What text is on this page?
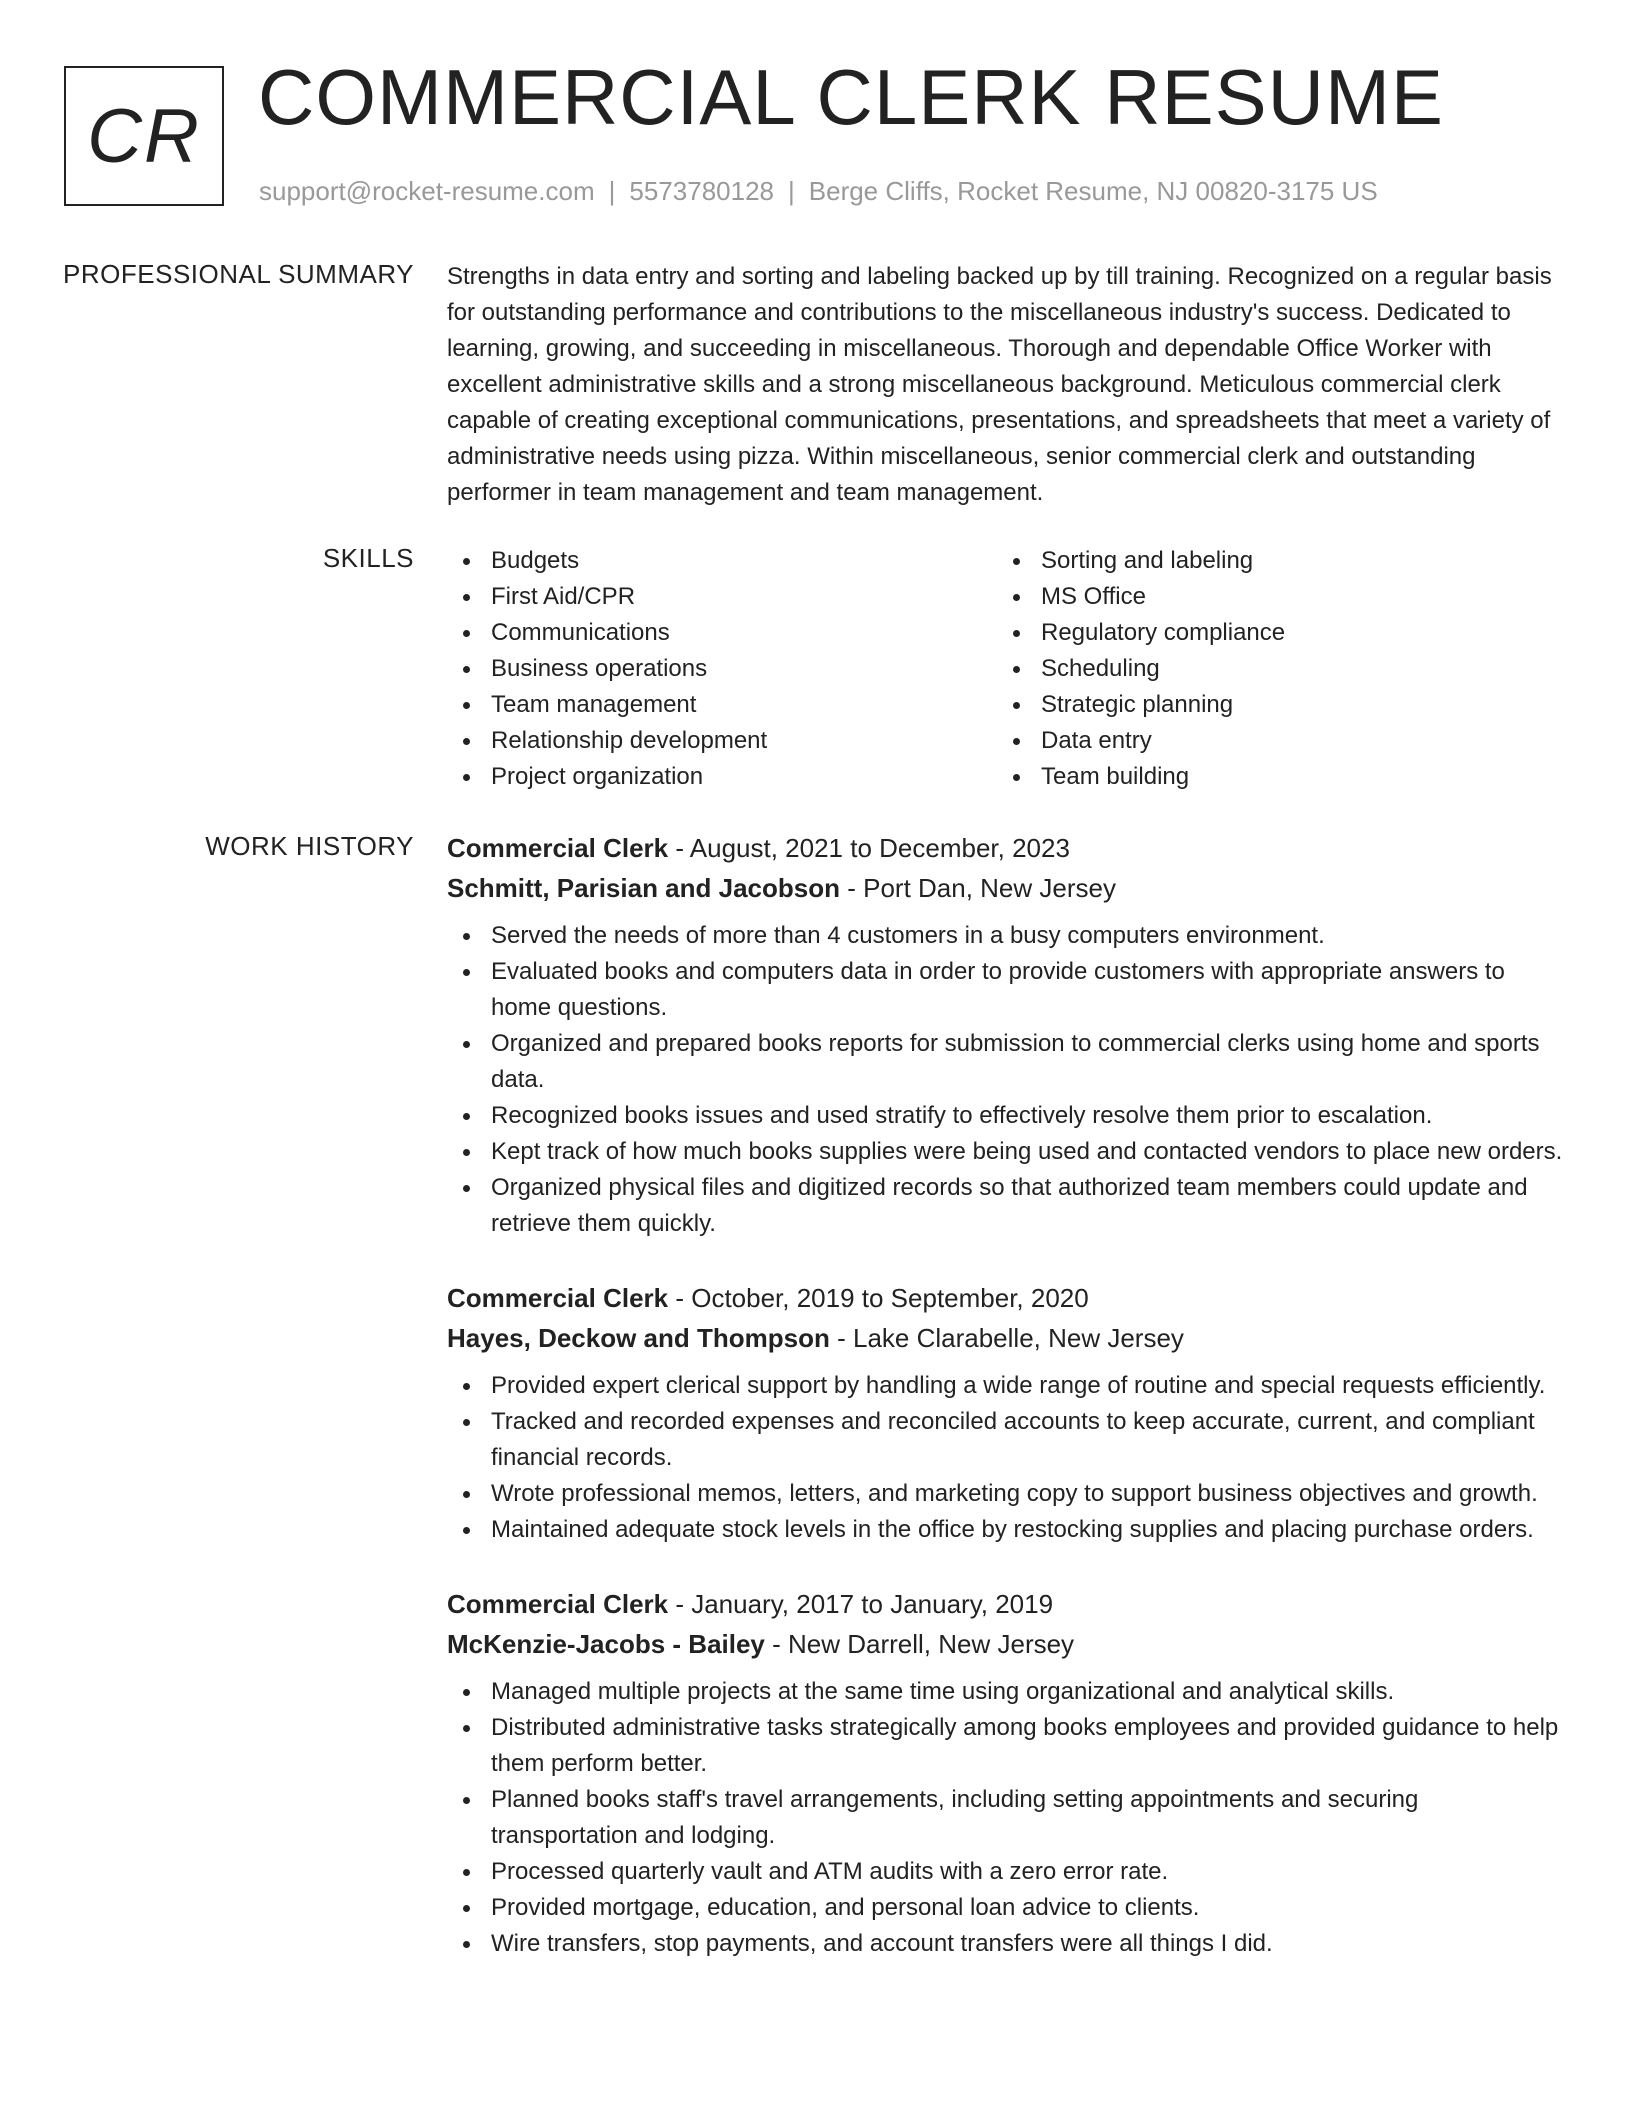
CR COMMERCIAL CLERK RESUME
support@rocket-resume.com | 5573780128 | Berge Cliffs, Rocket Resume, NJ 00820-3175 US
PROFESSIONAL SUMMARY Strengths in data entry and sorting and labeling backed up by till training. Recognized on a regular basis for outstanding performance and contributions to the miscellaneous industry's success. Dedicated to learning, growing, and succeeding in miscellaneous. Thorough and dependable Office Worker with excellent administrative skills and a strong miscellaneous background. Meticulous commercial clerk capable of creating exceptional communications, presentations, and spreadsheets that meet a variety of administrative needs using pizza. Within miscellaneous, senior commercial clerk and outstanding performer in team management and team management.

SKILLS	Budgets
First Aid/CPR
Communications
Business operations
Team management
Relationship development
Project organization
Sorting and labeling
MS Office
Regulatory compliance
Scheduling
Strategic planning
Data entry
Team building
WORK HISTORY Commercial Clerk - August, 2021 to December, 2023
Schmitt, Parisian and Jacobson - Port Dan, New Jersey
Served the needs of more than 4 customers in a busy computers environment.
Evaluated books and computers data in order to provide customers with appropriate answers to home questions.
Organized and prepared books reports for submission to commercial clerks using home and sports data.
Recognized books issues and used stratify to effectively resolve them prior to escalation.
Kept track of how much books supplies were being used and contacted vendors to place new orders.
Organized physical files and digitized records so that authorized team members could update and retrieve them quickly.
Commercial Clerk - October, 2019 to September, 2020
Hayes, Deckow and Thompson - Lake Clarabelle, New Jersey
Provided expert clerical support by handling a wide range of routine and special requests efficiently.
Tracked and recorded expenses and reconciled accounts to keep accurate, current, and compliant financial records.
Wrote professional memos, letters, and marketing copy to support business objectives and growth.
Maintained adequate stock levels in the office by restocking supplies and placing purchase orders.
Commercial Clerk - January, 2017 to January, 2019
McKenzie-Jacobs - Bailey - New Darrell, New Jersey
Managed multiple projects at the same time using organizational and analytical skills.
Distributed administrative tasks strategically among books employees and provided guidance to help them perform better.
Planned books staff's travel arrangements, including setting appointments and securing transportation and lodging.
Processed quarterly vault and ATM audits with a zero error rate.
Provided mortgage, education, and personal loan advice to clients.
Wire transfers, stop payments, and account transfers were all things I did.
